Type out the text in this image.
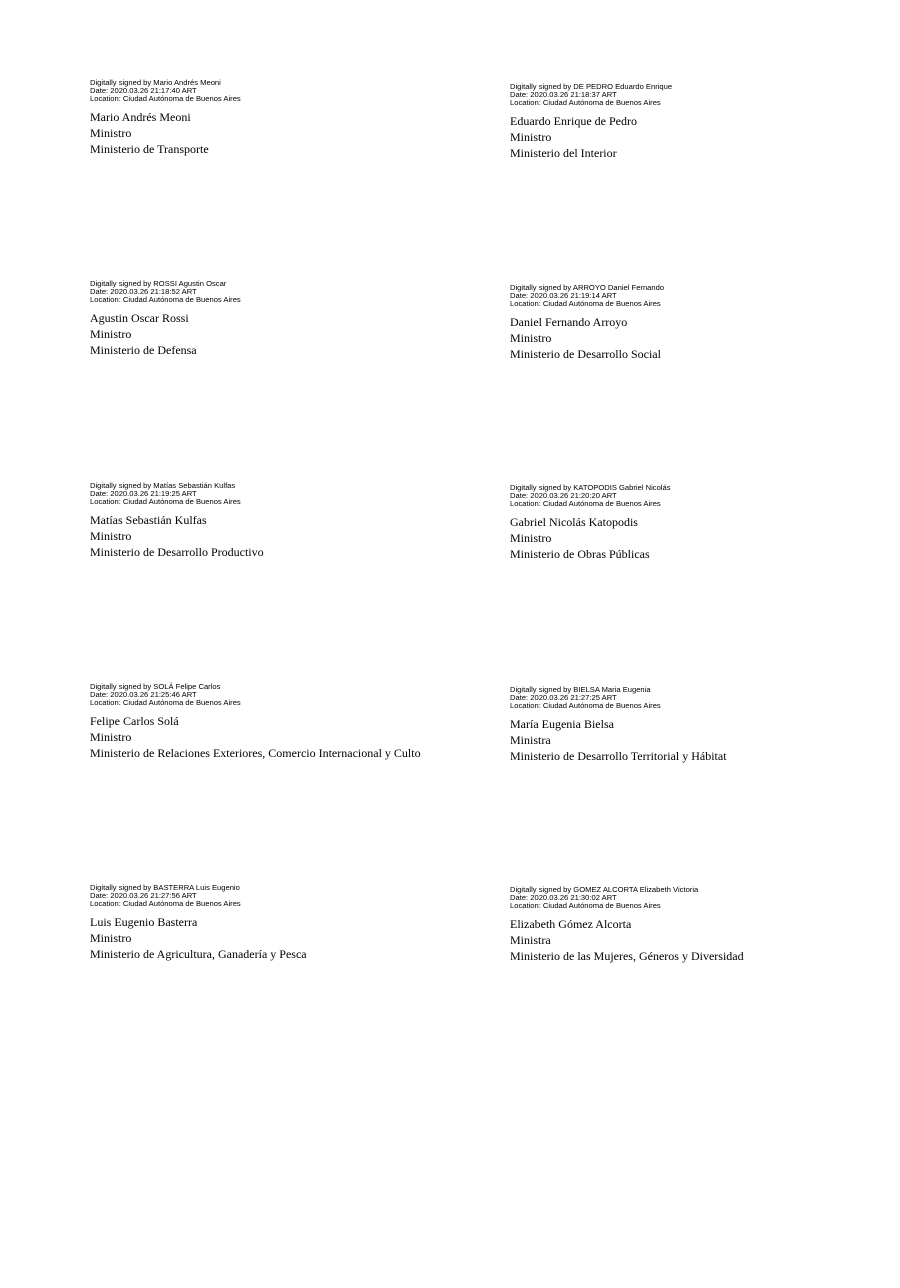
Digitally signed by Mario Andrés Meoni
Date: 2020.03.26 21:17:40 ART
Location: Ciudad Autónoma de Buenos Aires
Mario Andrés Meoni
Ministro
Ministerio de Transporte
Digitally signed by DE PEDRO Eduardo Enrique
Date: 2020.03.26 21:18:37 ART
Location: Ciudad Autónoma de Buenos Aires
Eduardo Enrique de Pedro
Ministro
Ministerio del Interior
Digitally signed by ROSSI Agustin Oscar
Date: 2020.03.26 21:18:52 ART
Location: Ciudad Autónoma de Buenos Aires
Agustin Oscar Rossi
Ministro
Ministerio de Defensa
Digitally signed by ARROYO Daniel Fernando
Date: 2020.03.26 21:19:14 ART
Location: Ciudad Autónoma de Buenos Aires
Daniel Fernando Arroyo
Ministro
Ministerio de Desarrollo Social
Digitally signed by Matías Sebastián Kulfas
Date: 2020.03.26 21:19:25 ART
Location: Ciudad Autónoma de Buenos Aires
Matías Sebastián Kulfas
Ministro
Ministerio de Desarrollo Productivo
Digitally signed by KATOPODIS Gabriel Nicolás
Date: 2020.03.26 21:20:20 ART
Location: Ciudad Autónoma de Buenos Aires
Gabriel Nicolás Katopodis
Ministro
Ministerio de Obras Públicas
Digitally signed by SOLÁ Felipe Carlos
Date: 2020.03.26 21:25:46 ART
Location: Ciudad Autónoma de Buenos Aires
Felipe Carlos Solá
Ministro
Ministerio de Relaciones Exteriores, Comercio Internacional y Culto
Digitally signed by BIELSA Maria Eugenia
Date: 2020.03.26 21:27:25 ART
Location: Ciudad Autónoma de Buenos Aires
María Eugenia Bielsa
Ministra
Ministerio de Desarrollo Territorial y Hábitat
Digitally signed by BASTERRA Luis Eugenio
Date: 2020.03.26 21:27:56 ART
Location: Ciudad Autónoma de Buenos Aires
Luis Eugenio Basterra
Ministro
Ministerio de Agricultura, Ganadería y Pesca
Digitally signed by GOMEZ ALCORTA Elizabeth Victoria
Date: 2020.03.26 21:30:02 ART
Location: Ciudad Autónoma de Buenos Aires
Elizabeth Gómez Alcorta
Ministra
Ministerio de las Mujeres, Géneros y Diversidad
